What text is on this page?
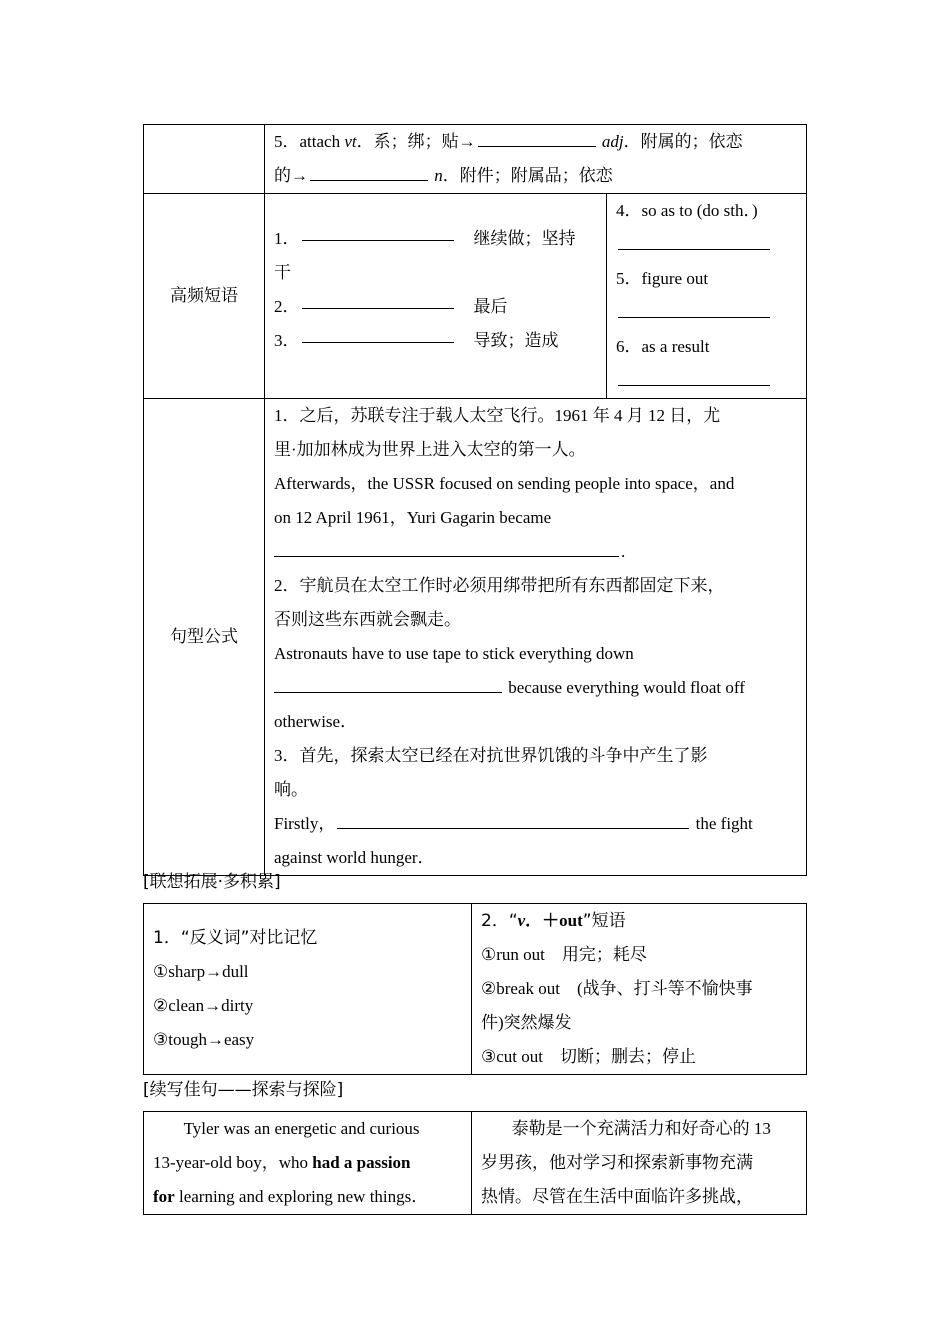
5．attach vt．系；绑；贴→	adj．附属的；依恋
的→	n．附件；附属品；依恋

高频短语	
1．	继续做；坚持
干
2．	最后
3．	导致；造成

4．so as to (do sth．)
5．figure out
6．as a result

句型公式	
1．之后，苏联专注于载人太空飞行。1961 年 4 月 12 日，尤
里·加加林成为世界上进入太空的第一人。
Afterwards，the USSR focused on sending people into space，and
on 12 April 1961，Yuri Gagarin became
.
2．宇航员在太空工作时必须用绑带把所有东西都固定下来，
否则这些东西就会飘走。
Astronauts have to use tape to stick everything down
because everything would float off
otherwise．
3．首先，探索太空已经在对抗世界饥饿的斗争中产生了影
响。
Firstly，	the fight
against world hunger．
[联想拓展·多积累]
1．“反义词”对比记忆
①sharp→dull
②clean→dirty
③tough→easy

2．“v．＋out”短语
①run out　用完；耗尽
②break out　(战争、打斗等不愉快事
件)突然爆发
③cut out　切断；删去；停止
[续写佳句——探索与探险]
Tyler was an energetic and curious
13-year-old boy，who had a passion
for learning and exploring new things．

泰勒是一个充满活力和好奇心的 13
岁男孩，他对学习和探索新事物充满
热情。尽管在生活中面临许多挑战，
